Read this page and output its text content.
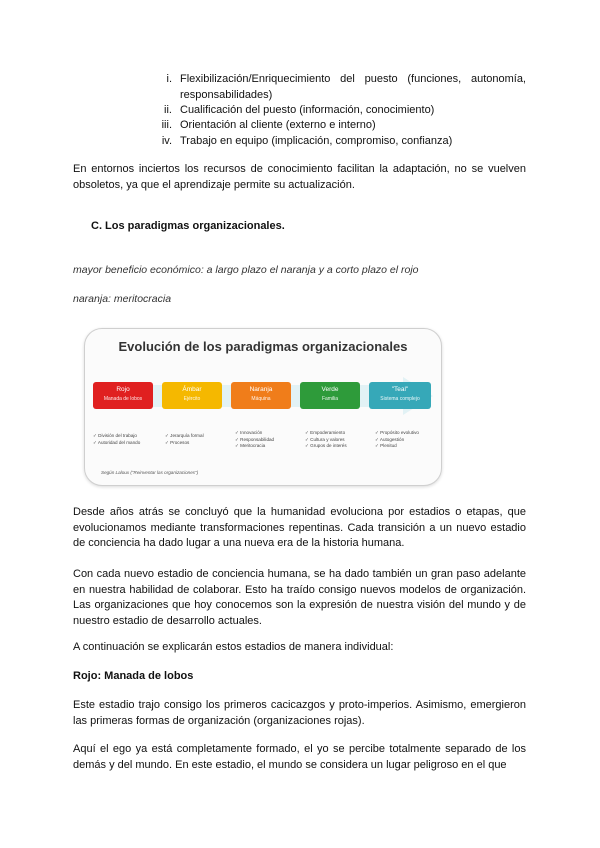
i. Flexibilización/Enriquecimiento del puesto (funciones, autonomía, responsabilidades)
ii. Cualificación del puesto (información, conocimiento)
iii. Orientación al cliente (externo e interno)
iv. Trabajo en equipo (implicación, compromiso, confianza)
En entornos inciertos los recursos de conocimiento facilitan la adaptación, no se vuelven obsoletos, ya que el aprendizaje permite su actualización.
C. Los paradigmas organizacionales.
mayor beneficio económico: a largo plazo el naranja y a corto plazo el rojo
naranja: meritocracia
Evolución de los paradigmas organizacionales
Rojo
Manada de lobos
Ámbar
Ejército
Naranja
Máquina
Verde
Familia
"Teal"
Sistema complejo
✓ División del trabajo
✓ Autoridad del mando
✓ Jerarquía formal
✓ Procesos
✓ Innovación
✓ Responsabilidad
✓ Meritocracia
✓ Empoderamiento
✓ Cultura y valores
✓ Grupos de interés
✓ Propósito evolutivo
✓ Autogestión
✓ Plenitud
Según Laloux ("Reinventar las organizaciones")
Desde años atrás se concluyó que la humanidad evoluciona por estadios o etapas, que evolucionamos mediante transformaciones repentinas. Cada transición a un nuevo estadio de conciencia ha dado lugar a una nueva era de la historia humana.
Con cada nuevo estadio de conciencia humana, se ha dado también un gran paso adelante en nuestra habilidad de colaborar. Esto ha traído consigo nuevos modelos de organización. Las organizaciones que hoy conocemos son la expresión de nuestra visión del mundo y de nuestro estadio de desarrollo actuales.
A continuación se explicarán estos estadios de manera individual:
Rojo: Manada de lobos
Este estadio trajo consigo los primeros cacicazgos y proto-imperios. Asimismo, emergieron las primeras formas de organización (organizaciones rojas).
Aquí el ego ya está completamente formado, el yo se percibe totalmente separado de los demás y del mundo. En este estadio, el mundo se considera un lugar peligroso en el que
